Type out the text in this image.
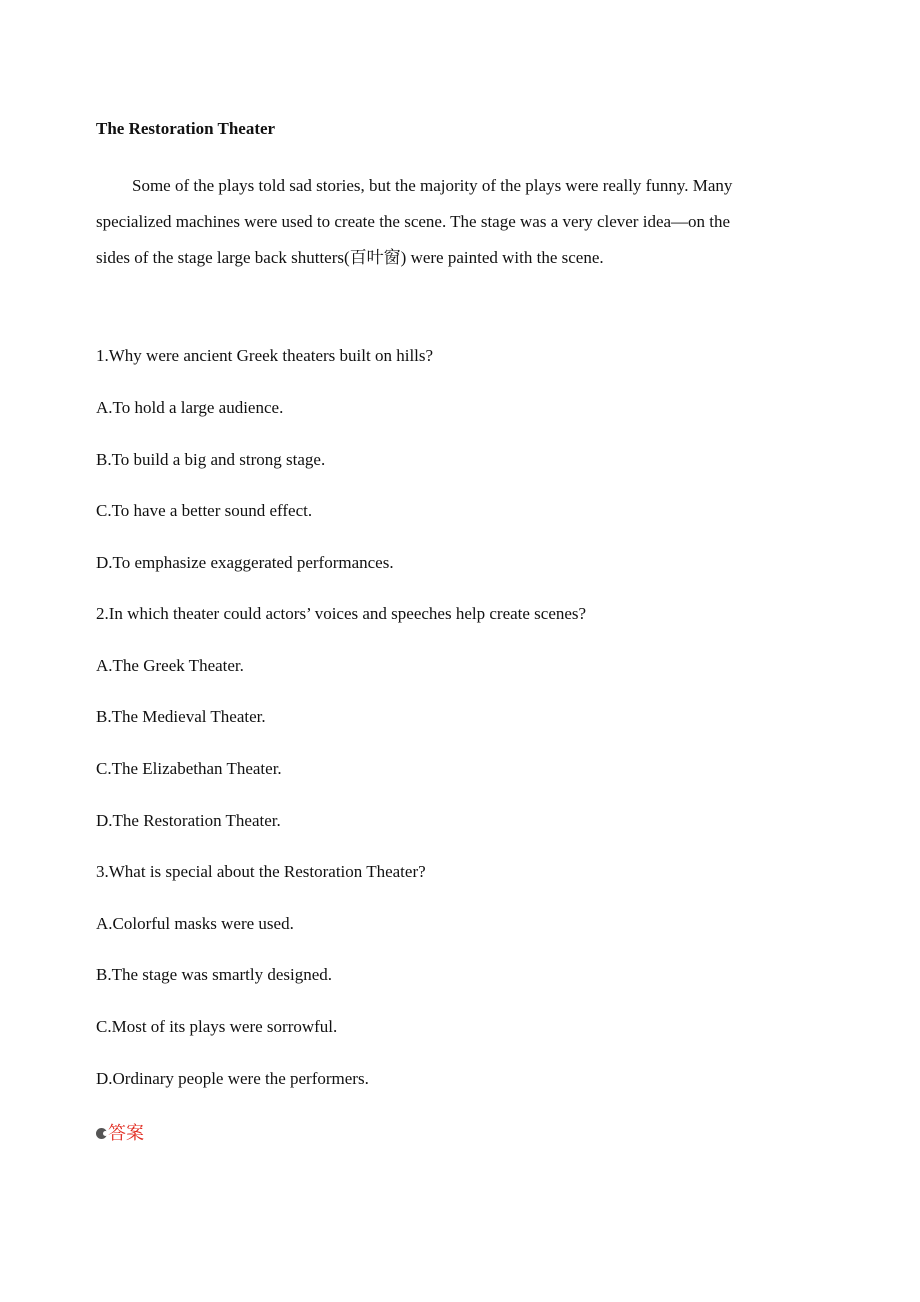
The Restoration Theater
Some of the plays told sad stories, but the majority of the plays were really funny. Many
specialized machines were used to create the scene. The stage was a very clever idea—on the
sides of the stage large back shutters(百叶窗) were painted with the scene.

1.Why were ancient Greek theaters built on hills?

A.To hold a large audience.

B.To build a big and strong stage.

C.To have a better sound effect.

D.To emphasize exaggerated performances.

2.In which theater could actors’ voices and speeches help create scenes?

A.The Greek Theater.

B.The Medieval Theater.

C.The Elizabethan Theater.

D.The Restoration Theater.

3.What is special about the Restoration Theater?

A.Colorful masks were used.

B.The stage was smartly designed.

C.Most of its plays were sorrowful.

D.Ordinary people were the performers.

答案
